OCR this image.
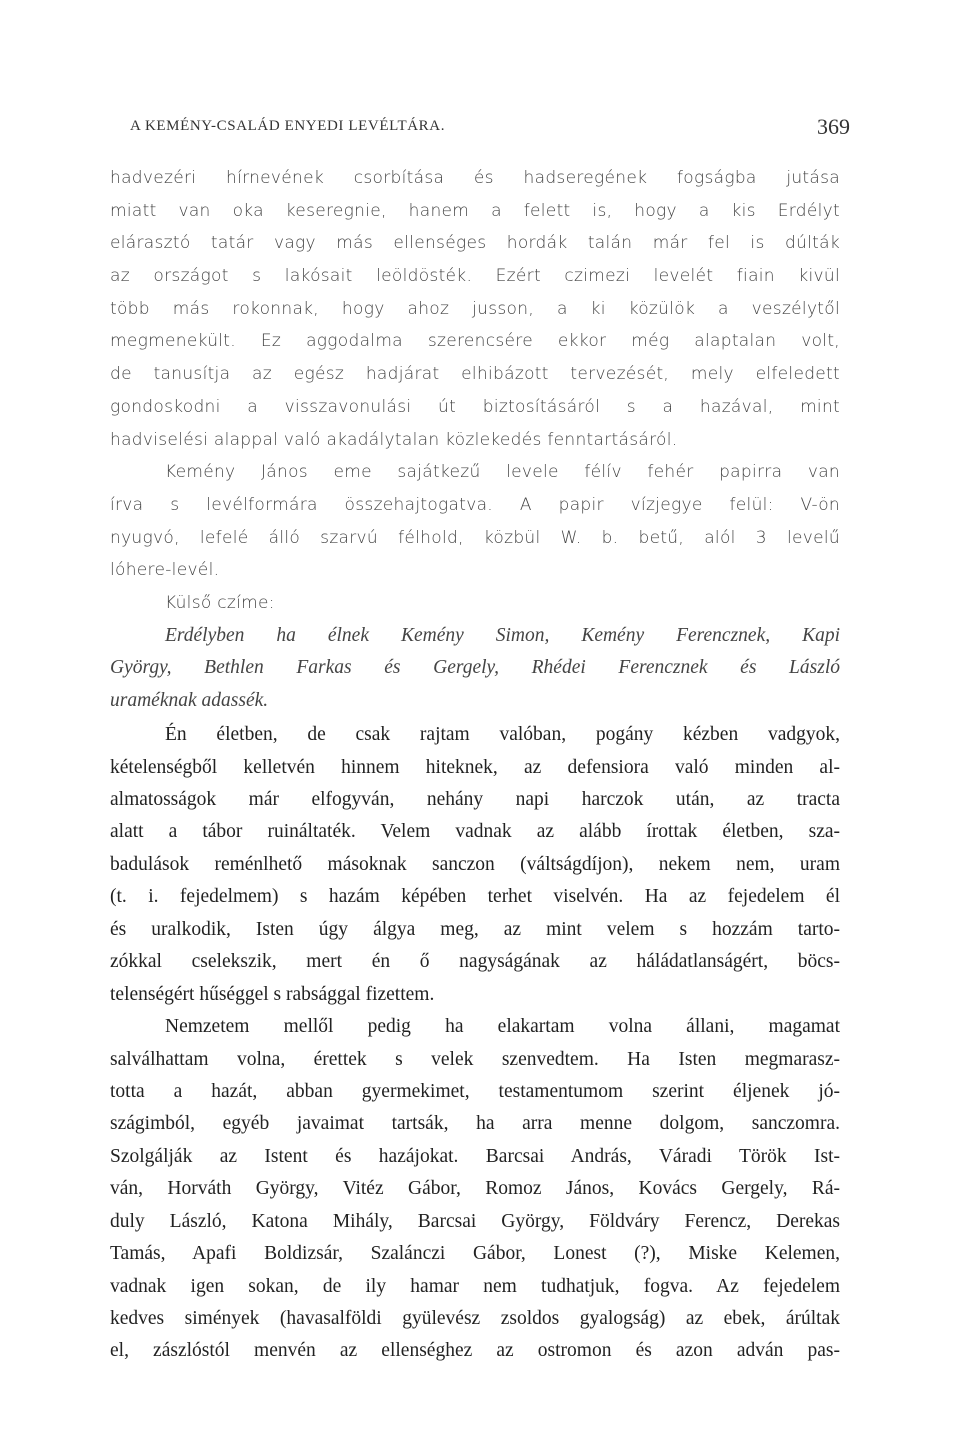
A KEMÉNY-CSALÁD ENYEDI LEVÉLTÁRA.	369
hadvezéri hírnevének csorbítása és hadseregének fogságba jutása
miatt van oka keseregnie, hanem a felett is, hogy a kis Erdélyt
elárasztó tatár vagy más ellenséges hordák talán már fel is dúlták
az országot s lakósait leöldösték. Ezért czimezi levelét fiain kivül
több más rokonnak, hogy ahoz jusson, a ki közülök a veszélytől
megmenekült. Ez aggodalma szerencsére ekkor még alaptalan volt,
de tanusítja az egész hadjárat elhibázott tervezését, mely elfeledett
gondoskodni a visszavonulási út biztosításáról s a hazával, mint
hadviselési alappal való akadálytalan közlekedés fenntartásáról.
Kemény János eme sajátkezű levele félív fehér papirra van
írva s levélformára összehajtogatva. A papir vízjegye felül: V-ön
nyugvó, lefelé álló szarvú félhold, közbül W. b. betű, alól 3 levelű
lóhere-levél.
Külső czíme:
Erdélyben ha élnek Kemény Simon, Kemény Ferencznek, Kapi
György, Bethlen Farkas és Gergely, Rhédei Ferencznek és László
uraméknak adassék.
Én életben, de csak rajtam valóban, pogány kézben vadgyok,
kételenségből kelletvén hinnem hiteknek, az defensiora való minden al-
almatosságok már elfogyván, nehány napi harczok után, az tracta
alatt a tábor ruináltaték. Velem vadnak az alább írottak életben, sza-
badulások reménlhető másoknak sanczon (váltságdíjon), nekem nem, uram
(t. i. fejedelmem) s hazám képében terhet viselvén. Ha az fejedelem él
és uralkodik, Isten úgy álgya meg, az mint velem s hozzám tarto-
zókkal cselekszik, mert én ő nagyságának az háládatlanságért, böcs-
telenségért hűséggel s rabsággal fizettem.
Nemzetem mellől pedig ha elakartam volna állani, magamat
salválhattam volna, érettek s velek szenvedtem. Ha Isten megmarasz-
totta a hazát, abban gyermekimet, testamentumom szerint éljenek jó-
szágimból, egyéb javaimat tartsák, ha arra menne dolgom, sanczomra.
Szolgálják az Istent és hazájokat. Barcsai András, Váradi Török Ist-
ván, Horváth György, Vitéz Gábor, Romoz János, Kovács Gergely, Rá-
duly László, Katona Mihály, Barcsai György, Földváry Ferencz, Derekas
Tamás, Apafi Boldizsár, Szalánczi Gábor, Lonest (?), Miske Kelemen,
vadnak igen sokan, de ily hamar nem tudhatjuk, fogva. Az fejedelem
kedves simények (havasalföldi gyülevész zsoldos gyalogság) az ebek, árúltak
el, zászlóstól menvén az ellenséghez az ostromon és azon adván pas-
